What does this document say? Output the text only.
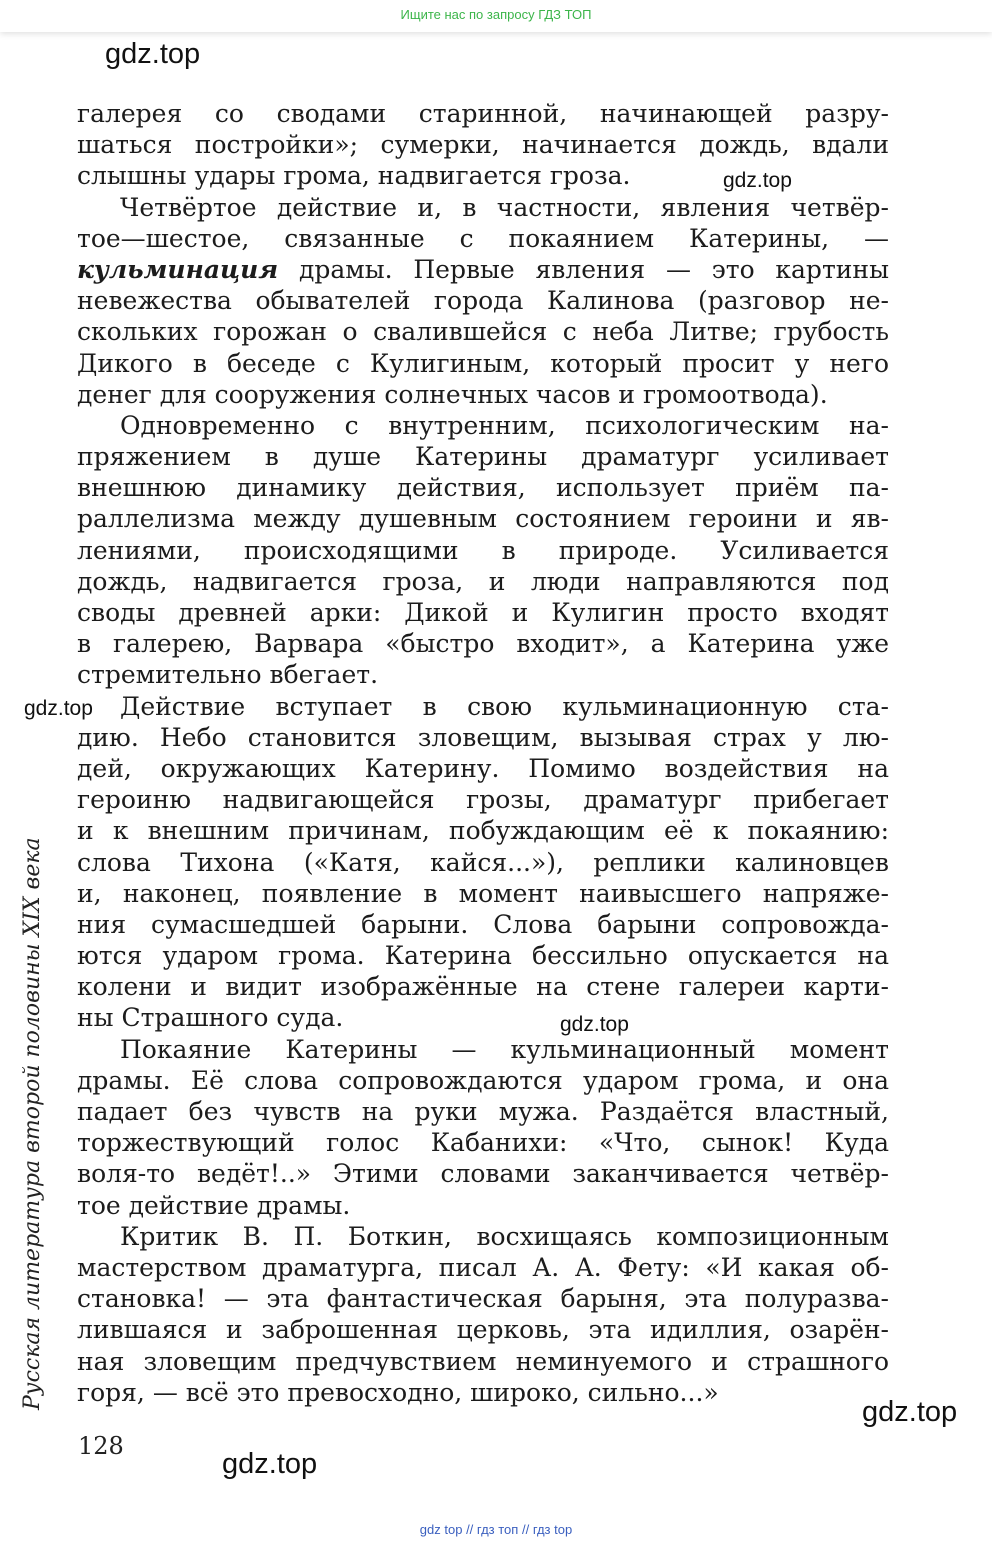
Ищите нас по запросу ГДЗ ТОП
gdz.top
gdz.top
gdz.top
gdz.top
gdz.top
gdz.top
Русская литература второй половины XIX века
галерея со сводами старинной, начинающей разру-
шаться постройки»; сумерки, начинается дождь, вдали
слышны удары грома, надвигается гроза.
Четвёртое действие и, в частности, явления четвёр-
тое—шестое, связанные с покаянием Катерины, —
кульминация драмы. Первые явления — это картины
невежества обывателей города Калинова (разговор не-
скольких горожан о свалившейся с неба Литве; грубость
Дикого в беседе с Кулигиным, который просит у него
денег для сооружения солнечных часов и громоотвода).
Одновременно с внутренним, психологическим на-
пряжением в душе Катерины драматург усиливает
внешнюю динамику действия, использует приём па-
раллелизма между душевным состоянием героини и яв-
лениями, происходящими в природе. Усиливается
дождь, надвигается гроза, и люди направляются под
своды древней арки: Дикой и Кулигин просто входят
в галерею, Варвара «быстро входит», а Катерина уже
стремительно вбегает.
Действие вступает в свою кульминационную ста-
дию. Небо становится зловещим, вызывая страх у лю-
дей, окружающих Катерину. Помимо воздействия на
героиню надвигающейся грозы, драматург прибегает
и к внешним причинам, побуждающим её к покаянию:
слова Тихона («Катя, кайся...»), реплики калиновцев
и, наконец, появление в момент наивысшего напряже-
ния сумасшедшей барыни. Слова барыни сопровожда-
ются ударом грома. Катерина бессильно опускается на
колени и видит изображённые на стене галереи карти-
ны Страшного суда.
Покаяние Катерины — кульминационный момент
драмы. Её слова сопровождаются ударом грома, и она
падает без чувств на руки мужа. Раздаётся властный,
торжествующий голос Кабанихи: «Что, сынок! Куда
воля-то ведёт!..» Этими словами заканчивается четвёр-
тое действие драмы.
Критик В. П. Боткин, восхищаясь композиционным
мастерством драматурга, писал А. А. Фету: «И какая об-
становка! — эта фантастическая барыня, эта полуразва-
лившаяся и заброшенная церковь, эта идиллия, озарён-
ная зловещим предчувствием неминуемого и страшного
горя, — всё это превосходно, широко, сильно...»
128
gdz top // гдз топ // гдз top
